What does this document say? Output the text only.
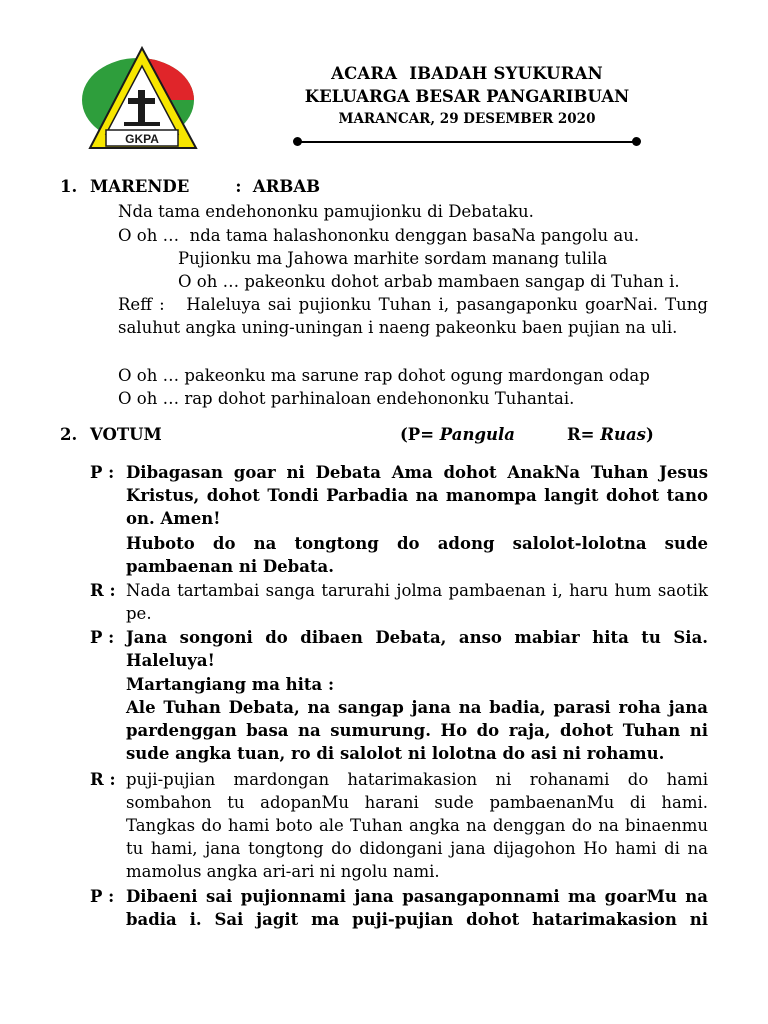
GKPA
ACARA  IBADAH SYUKURAN
KELUARGA BESAR PANGARIBUAN
MARANCAR, 29 DESEMBER 2020
1. MARENDE	:  ARBAB
Nda tama endehononku pamujionku di Debataku.
O oh …  nda tama halashononku denggan basaNa pangolu au.
Pujionku ma Jahowa marhite sordam manang tulila
O oh … pakeonku dohot arbab mambaen sangap di Tuhan i.
Reff :   Haleluya sai pujionku Tuhan i, pasangaponku goarNai. Tung saluhut angka uning-uningan i naeng pakeonku baen pujian na uli.
O oh … pakeonku ma sarune rap dohot ogung mardongan odap
O oh … rap dohot parhinaloan endehononku Tuhantai.
2. VOTUM	(P= Pangula	R= Ruas)
P : Dibagasan goar ni Debata Ama dohot AnakNa Tuhan Jesus Kristus, dohot Tondi Parbadia na manompa langit dohot tano on. Amen!
Huboto do na tongtong do adong salolot-lolotna sude pambaenan ni Debata.
R : Nada tartambai sanga tarurahi jolma pambaenan i, haru hum saotik pe.
P : Jana songoni do dibaen Debata, anso mabiar hita tu Sia. Haleluya!
Martangiang ma hita :
Ale Tuhan Debata, na sangap jana na badia, parasi roha jana pardenggan basa na sumurung. Ho do raja, dohot Tuhan ni sude angka tuan, ro di salolot ni lolotna do asi ni rohamu.
R : puji-pujian mardongan hatarimakasion ni rohanami do hami sombahon tu adopanMu harani sude pambaenanMu di hami. Tangkas do hami boto ale Tuhan angka na denggan do na binaenmu tu hami, jana tongtong do didongani jana dijagohon Ho hami di na mamolus angka ari-ari ni ngolu nami.
P : Dibaeni sai pujionnami jana pasangaponnami ma goarMu na badia i. Sai jagit ma puji-pujian dohot hatarimakasion ni
